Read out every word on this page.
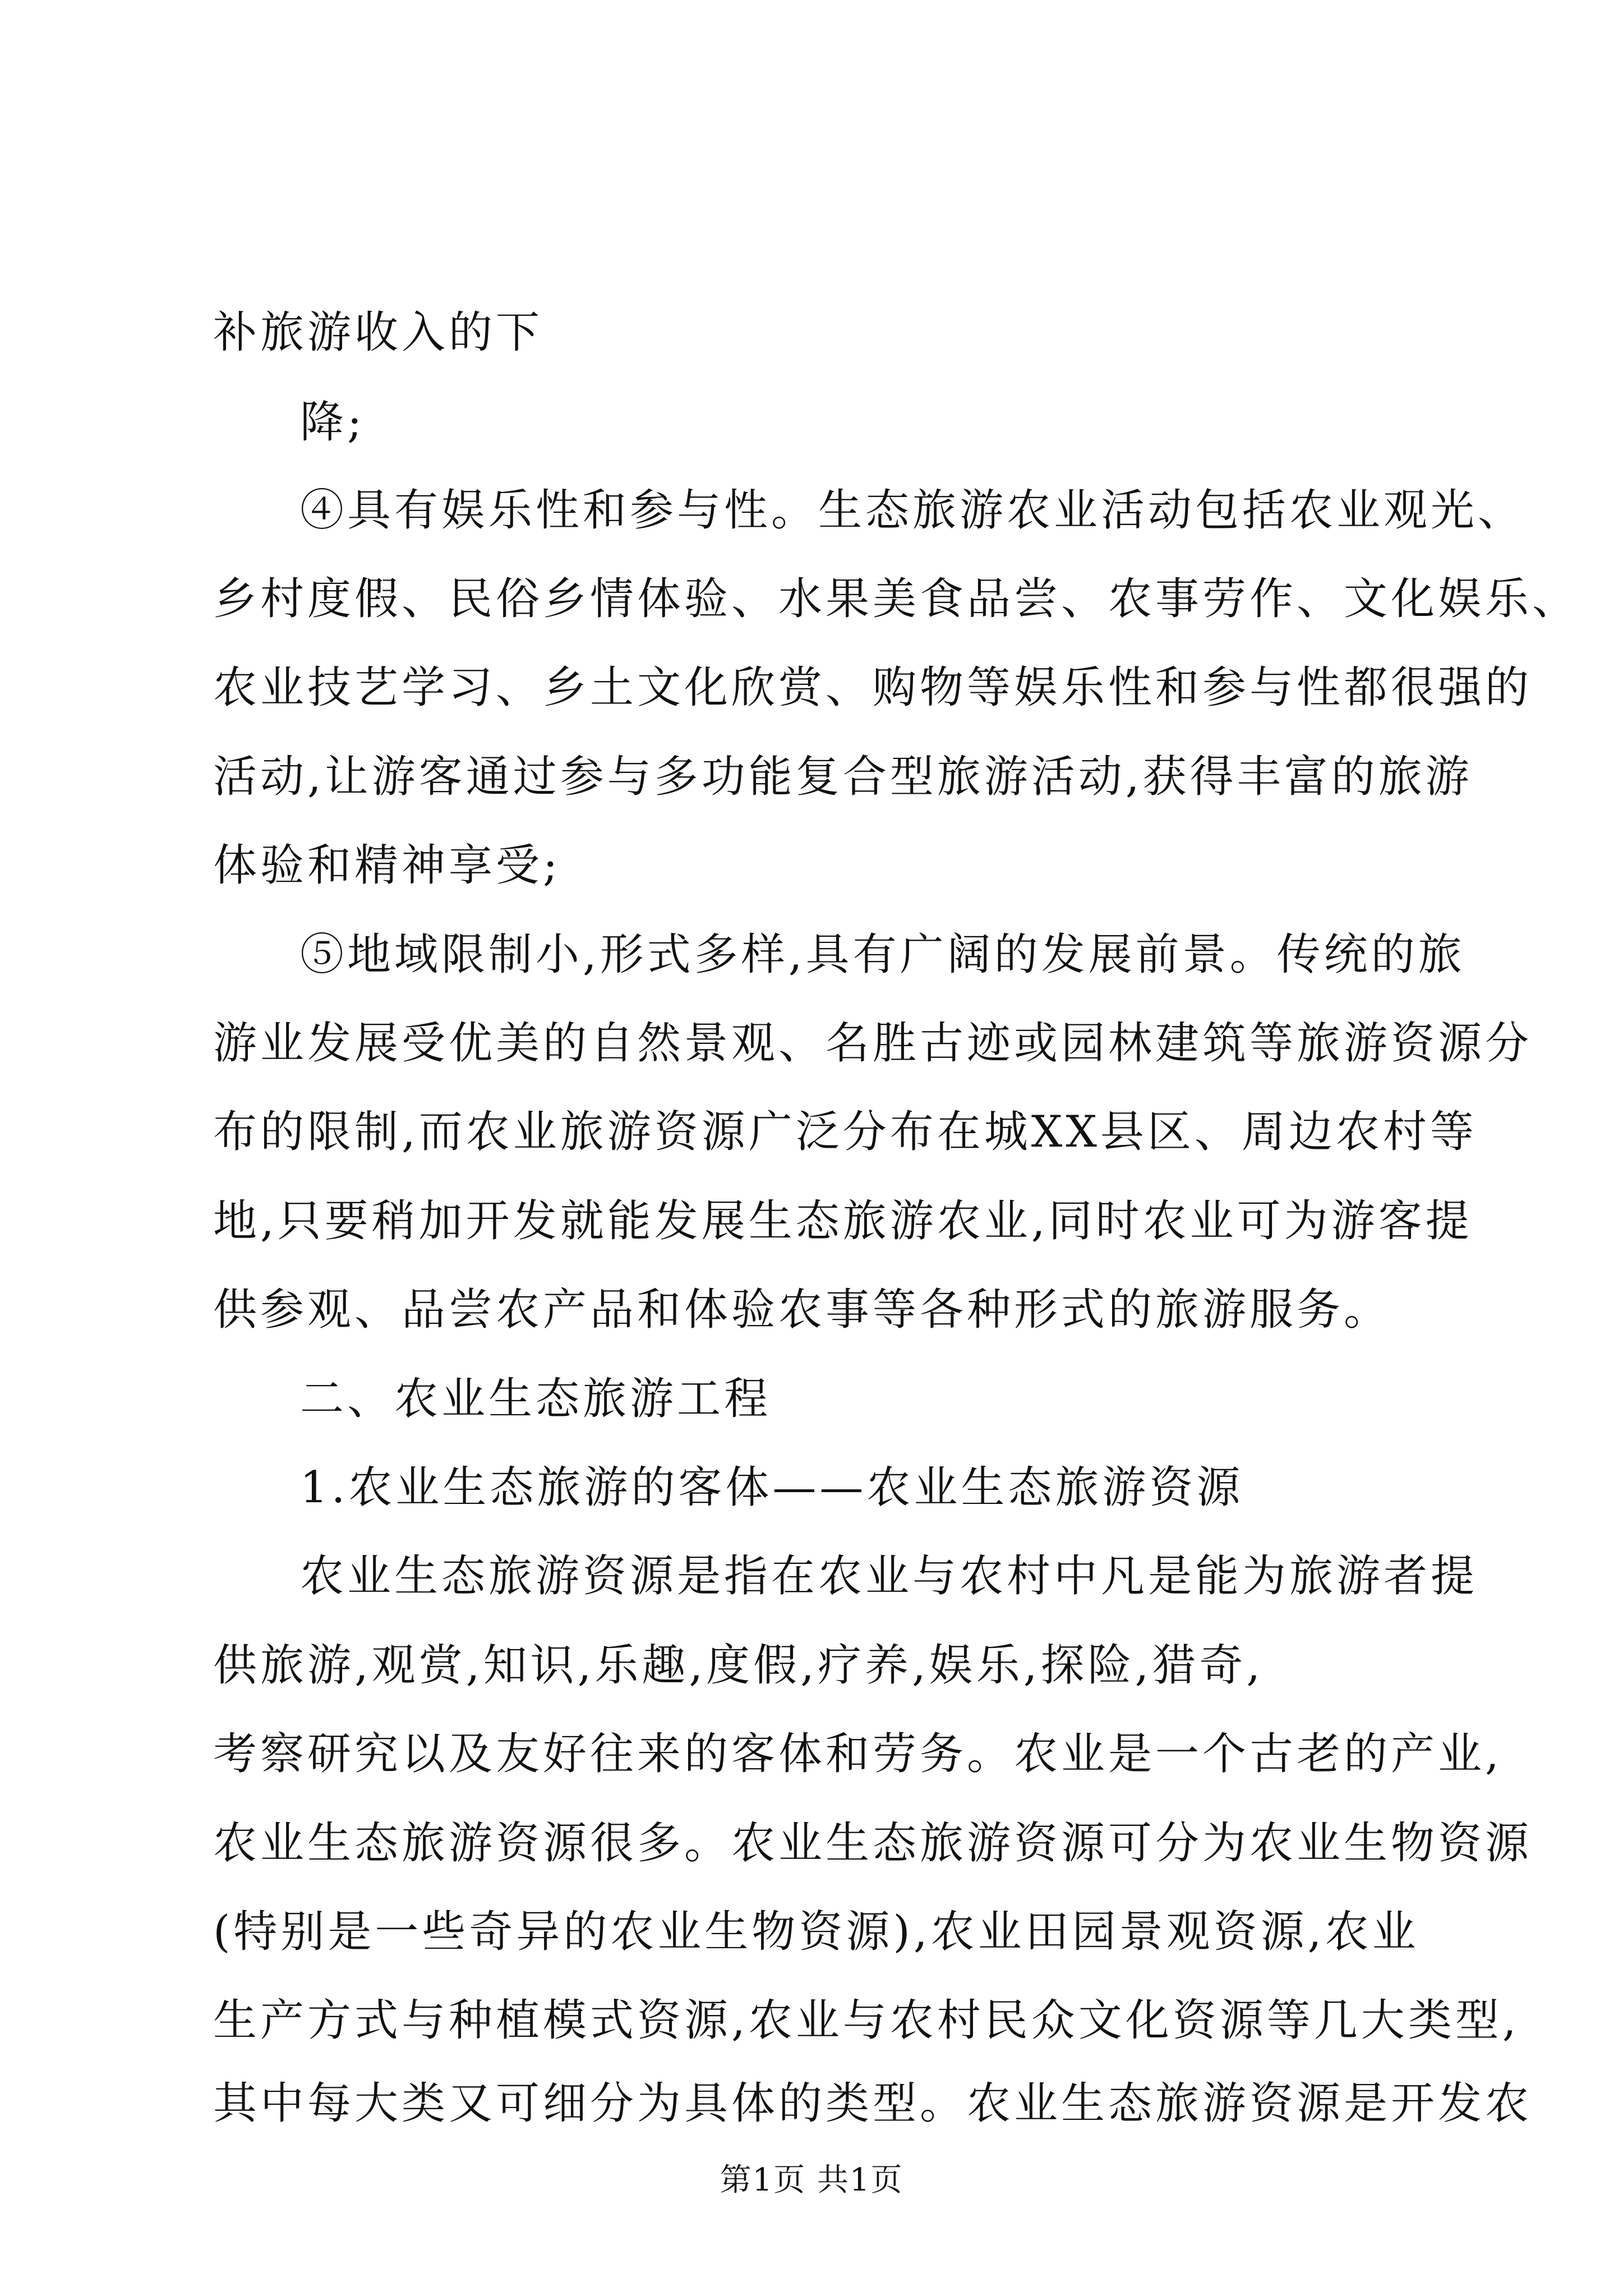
补旅游收入的下
降;
④具有娱乐性和参与性。生态旅游农业活动包括农业观光、
乡村度假、民俗乡情体验、水果美食品尝、农事劳作、文化娱乐、
农业技艺学习、乡土文化欣赏、购物等娱乐性和参与性都很强的
活动,让游客通过参与多功能复合型旅游活动,获得丰富的旅游
体验和精神享受;
⑤地域限制小,形式多样,具有广阔的发展前景。传统的旅
游业发展受优美的自然景观、名胜古迹或园林建筑等旅游资源分
布的限制,而农业旅游资源广泛分布在城XX县区、周边农村等
地,只要稍加开发就能发展生态旅游农业,同时农业可为游客提
供参观、品尝农产品和体验农事等各种形式的旅游服务。
二、农业生态旅游工程
1.农业生态旅游的客体——农业生态旅游资源
农业生态旅游资源是指在农业与农村中凡是能为旅游者提
供旅游,观赏,知识,乐趣,度假,疗养,娱乐,探险,猎奇,
考察研究以及友好往来的客体和劳务。农业是一个古老的产业,
农业生态旅游资源很多。农业生态旅游资源可分为农业生物资源
(特别是一些奇异的农业生物资源),农业田园景观资源,农业
生产方式与种植模式资源,农业与农村民众文化资源等几大类型,
其中每大类又可细分为具体的类型。农业生态旅游资源是开发农
第1页 共1页
